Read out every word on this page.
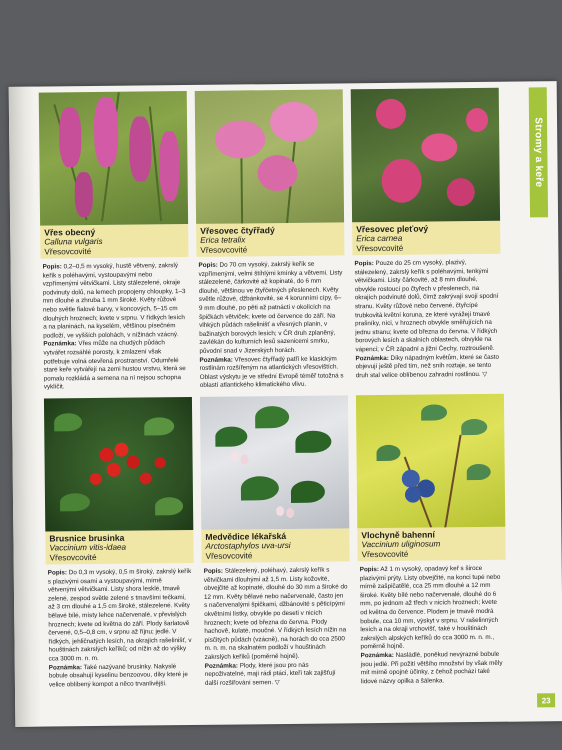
Stromy a keře
Vřes obecný
Calluna vulgaris
Vřesovcovité

Popis: 0,2–0,5 m vysoký, hustě větvený, zakrslý keřík s poléhavými, vystoupavými nebo vzpřímenými větvičkami. Listy stálezelené, okraje podvinuty dolů, na lemech propojeny chloupky, 1–3 mm dlouhé a zhruba 1 mm široké. Květy růžové nebo světle fialové barvy, v koncových, 5–15 cm dlouhých hroznech; kvete v srpnu. V řídkých lesích a na planinách, na kyselém, většinou písečném podloží, ve vyšších polohách, v nížinách vzácný.

Poznámka: Vřes může na chudých půdách vytvářet rozsáhlé porosty, k zmlazení však potřebuje volná otevřená prostranství. Odumřelé staré keře vytvářejí na zemi hustou vrstvu, která se pomalu rozkládá a semena na ní nejsou schopna vyklíčit.

Vřesovec čtyřřadý
Erica tetralix
Vřesovcovité

Popis: Do 70 cm vysoký, zakrslý keřík se vzpřímenými, velmi štíhlými kmínky a větvemi. Listy stálezelené, čárkovité až kopinaté, do 6 mm dlouhé, většinou ve čtyřčetných přeslenech. Květy světle růžové, džbánkovité, se 4 korunními cípy, 6–9 mm dlouhé, po pěti až patnácti v okolících na špičkách větviček; kvete od července do září. Na vlhkých půdách rašelinišť a vřesných planin, v bažinatých borových lesích; v ČR druh zplaněný, zavlékán do kulturních lesů sazenicemi smrku, původní snad v Jizerských horách.

Poznámka: Vřesovec čtyřřadý patří ke klasickým rostlinám rozšířeným na atlantických vřesovištích. Oblast výskytu je ve střední Evropě téměř totožná s oblastí atlantického klimatického vlivu.

Vřesovec pleťový
Erica carnea
Vřesovcovité

Popis: Pouze do 25 cm vysoký, plazivý, stálezelený, zakrslý keřík s poléhavými, tenkými větvičkami. Listy čárkovité, až 8 mm dlouhé, obvykle rostoucí po čtyřech v přeslenech, na okrajích podvinuté dolů, čímž zakrývají svojí spodní stranu. Květy růžové nebo červené, čtyřcípé trubkovitá květní koruna, ze které vyrážejí tmavé prašníky, níci, v hroznech obvykle směřujících na jednu stranu; kvete od března do června. V řídkých borových lesích a skalních oblastech, obvykle na vápenci; v ČR západní a jižní Čechy, roztroušeně.

Poznámka: Díky nápadným květům, které se často objevují ještě před tím, než sníh roztaje, se tento druh stal velice oblíbenou zahradní rostlinou. ▽

Brusnice brusinka
Vaccinium vitis-idaea
Vřesovcovité

Popis: Do 0,3 m vysoký, 0,5 m široký, zakrslý keřík s plazivými osami a vystoupavými, mírně větvenými větvičkami. Listy shora lesklé, tmavě zelené, zespod světle zelené s tmavšími tečkami, až 3 cm dlouhé a 1,5 cm široké, stálezelené. Květy bělavé bílé, místy lehce načervenalé, v převislých hroznech; kvete od května do září. Plody šarlatově červené, 0,5–0,8 cm, v srpnu až říjnu; jedlé. V řídkých, jehličnatých lesích, na okrajích rašelinišť, v houštinách zakrslých keříků; od nížin až do výšky cca 3000 m. n. m.

Poznámka: Také nazývané brusinky. Nakyslé bobule obsahují kyselinu benzoovou, díky které je velice oblíbený kompot a něco trvanlivější.

Medvědice lékařská
Arctostaphylos uva-ursi
Vřesovcovité

Popis: Stálezelený, poléhavý, zakrslý keřík s větvičkami dlouhými až 1,5 m. Listy kožovité, obvejčité až kopinaté, dlouhé do 30 mm a široké do 12 mm. Květy bělavé nebo načervenalé, často jen s načervenalými špičkami, džbánovité s pěticípými okvětními lístky, obvykle po deseti v nicích hroznech; kvete od března do června. Plody hachově, kulaté, moučné. V řídkých lesích nížin na písčitých půdách (vzácně), na horách do cca 2500 m. n. m. na skalnatém podloží v houštinách zakrslých keříků (poměrně hojně).

Poznámka: Plody, které jsou pro nás nepoživatelné, mají rádi ptáci, kteří tak zajišťují další rozšiřování semen. ▽

Vlochyně bahenní
Vaccinium uliginosum
Vřesovcovité

Popis: Až 1 m vysoký, opadavý keř s široce plazivými prýty. Listy obvejčité, na konci tupé nebo mírně zašpičatělé, cca 25 mm dlouhé a 12 mm široké. Květy bílé nebo načervenalé, dlouhé do 6 mm, po jednom až třech v nicích hroznech; kvete od května do července. Plodem je tmavě modrá bobule, cca 10 mm, výskyt v srpnu. V rašelinných lesích a na okraji vrchovišť, také v houštinách zakrslých alpských keříků do cca 3000 m. n. m., poměrně hojně.

Poznámka: Nasládlé, poněkud nevýrazné bobule jsou jedlé. Při požití většího množství by však měly mít mírně opojné účinky, z čehož pochází také lidové názvy opilka a šálenka.

23
